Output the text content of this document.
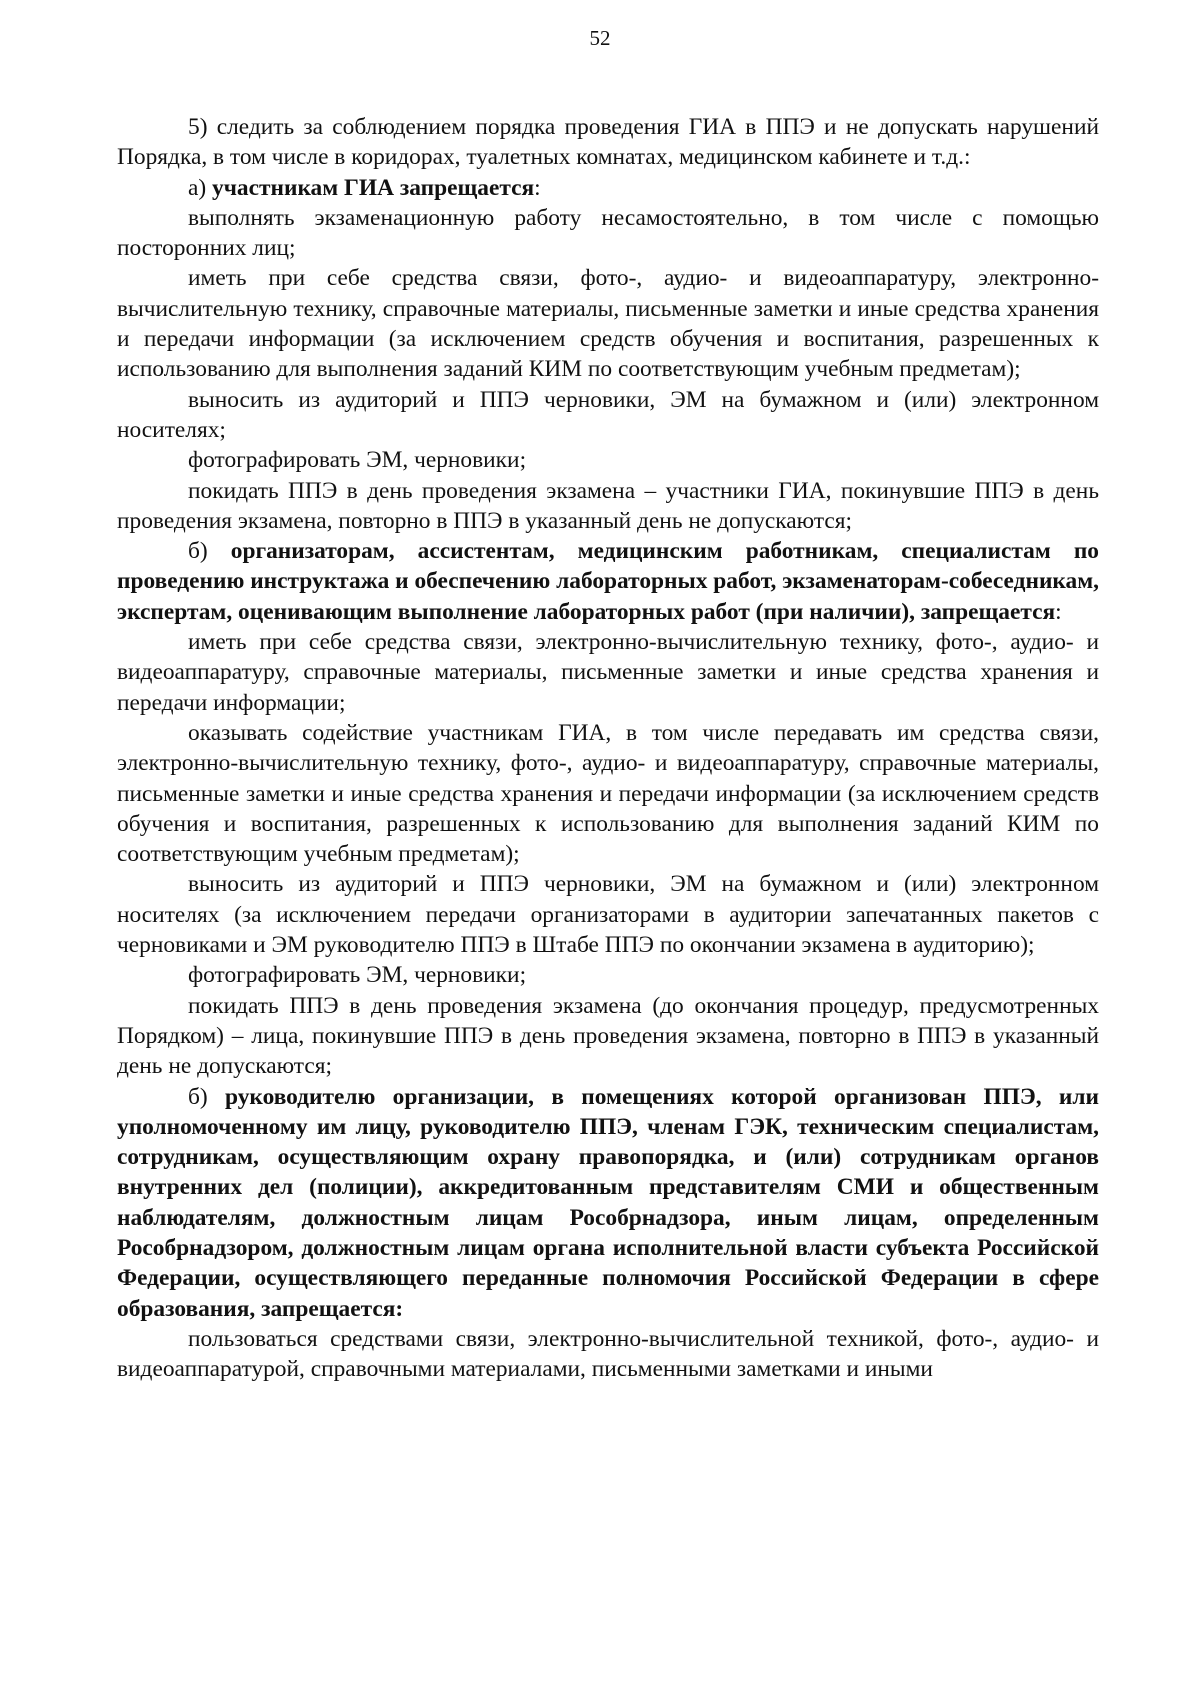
52

5) следить за соблюдением порядка проведения ГИА в ППЭ и не допускать нарушений Порядка, в том числе в коридорах, туалетных комнатах, медицинском кабинете и т.д.:

а) участникам ГИА запрещается:

выполнять экзаменационную работу несамостоятельно, в том числе с помощью посторонних лиц;

иметь при себе средства связи, фото-, аудио- и видеоаппаратуру, электронно-вычислительную технику, справочные материалы, письменные заметки и иные средства хранения и передачи информации (за исключением средств обучения и воспитания, разрешенных к использованию для выполнения заданий КИМ по соответствующим учебным предметам);

выносить из аудиторий и ППЭ черновики, ЭМ на бумажном и (или) электронном носителях;

фотографировать ЭМ, черновики;

покидать ППЭ в день проведения экзамена – участники ГИА, покинувшие ППЭ в день проведения экзамена, повторно в ППЭ в указанный день не допускаются;

б) организаторам, ассистентам, медицинским работникам, специалистам по проведению инструктажа и обеспечению лабораторных работ, экзаменаторам-собеседникам, экспертам, оценивающим выполнение лабораторных работ (при наличии), запрещается:

иметь при себе средства связи, электронно-вычислительную технику, фото-, аудио- и видеоаппаратуру, справочные материалы, письменные заметки и иные средства хранения и передачи информации;

оказывать содействие участникам ГИА, в том числе передавать им средства связи, электронно-вычислительную технику, фото-, аудио- и видеоаппаратуру, справочные материалы, письменные заметки и иные средства хранения и передачи информации (за исключением средств обучения и воспитания, разрешенных к использованию для выполнения заданий КИМ по соответствующим учебным предметам);

выносить из аудиторий и ППЭ черновики, ЭМ на бумажном и (или) электронном носителях (за исключением передачи организаторами в аудитории запечатанных пакетов с черновиками и ЭМ руководителю ППЭ в Штабе ППЭ по окончании экзамена в аудиторию);

фотографировать ЭМ, черновики;

покидать ППЭ в день проведения экзамена (до окончания процедур, предусмотренных Порядком) – лица, покинувшие ППЭ в день проведения экзамена, повторно в ППЭ в указанный день не допускаются;

б) руководителю организации, в помещениях которой организован ППЭ, или уполномоченному им лицу, руководителю ППЭ, членам ГЭК, техническим специалистам, сотрудникам, осуществляющим охрану правопорядка, и (или) сотрудникам органов внутренних дел (полиции), аккредитованным представителям СМИ и общественным наблюдателям, должностным лицам Рособрнадзора, иным лицам, определенным Рособрнадзором, должностным лицам органа исполнительной власти субъекта Российской Федерации, осуществляющего переданные полномочия Российской Федерации в сфере образования, запрещается:

пользоваться средствами связи, электронно-вычислительной техникой, фото-, аудио- и видеоаппаратурой, справочными материалами, письменными заметками и иными
